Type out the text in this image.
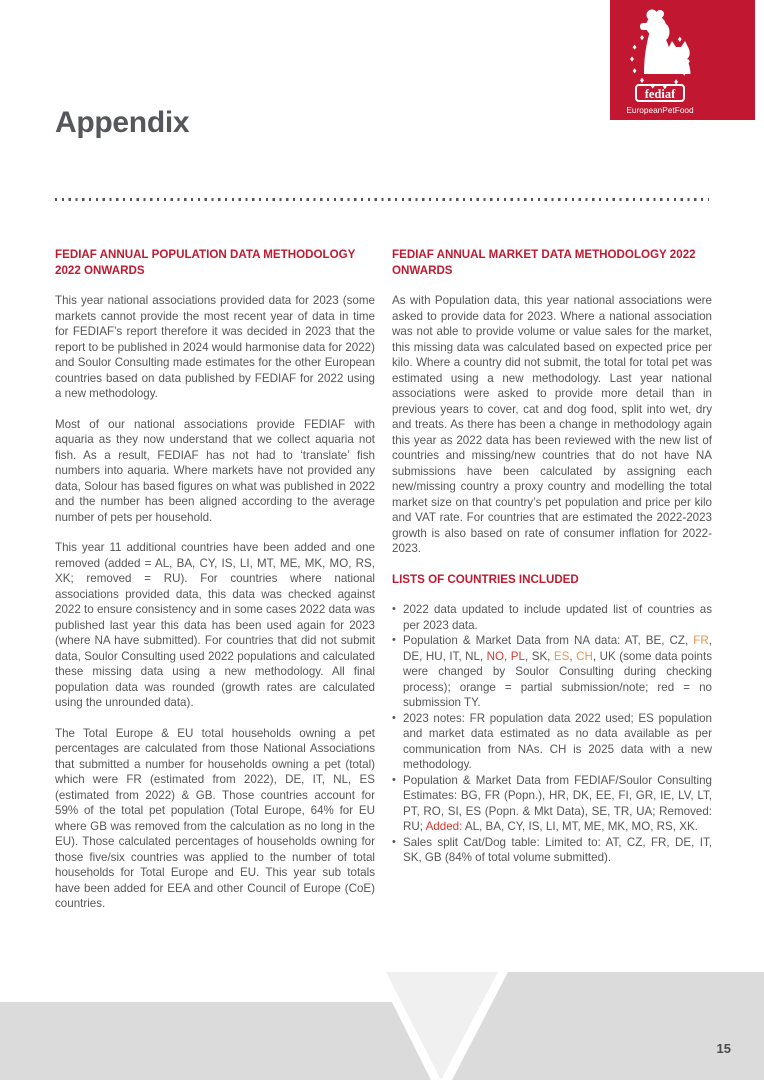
fediaf
EuropeanPetFood
Appendix

FEDIAF ANNUAL POPULATION DATA METHODOLOGY 2022 ONWARDS

This year national associations provided data for 2023 (some markets cannot provide the most recent year of data in time for FEDIAF’s report therefore it was decided in 2023 that the report to be published in 2024 would harmonise data for 2022) and Soulor Consulting made estimates for the other European countries based on data published by FEDIAF for 2022 using a new methodology.

Most of our national associations provide FEDIAF with aquaria as they now understand that we collect aquaria not fish. As a result, FEDIAF has not had to ‘translate’ fish numbers into aquaria. Where markets have not provided any data, Solour has based figures on what was published in 2022 and the number has been aligned according to the average number of pets per household.

This year 11 additional countries have been added and one removed (added = AL, BA, CY, IS, LI, MT, ME, MK, MO, RS, XK; removed = RU). For countries where national associations provided data, this data was checked against 2022 to ensure consistency and in some cases 2022 data was published last year this data has been used again for 2023 (where NA have submitted). For countries that did not submit data, Soulor Consulting used 2022 populations and calculated these missing data using a new methodology. All final population data was rounded (growth rates are calculated using the unrounded data).

The Total Europe & EU total households owning a pet percentages are calculated from those National Associations that submitted a number for households owning a pet (total) which were FR (estimated from 2022), DE, IT, NL, ES (estimated from 2022) & GB. Those countries account for 59% of the total pet population (Total Europe, 64% for EU where GB was removed from the calculation as no long in the EU). Those calculated percentages of households owning for those five/six countries was applied to the number of total households for Total Europe and EU. This year sub totals have been added for EEA and other Council of Europe (CoE) countries.

FEDIAF ANNUAL MARKET DATA METHODOLOGY 2022 ONWARDS

As with Population data, this year national associations were asked to provide data for 2023. Where a national association was not able to provide volume or value sales for the market, this missing data was calculated based on expected price per kilo. Where a country did not submit, the total for total pet was estimated using a new methodology. Last year national associations were asked to provide more detail than in previous years to cover, cat and dog food, split into wet, dry and treats. As there has been a change in methodology again this year as 2022 data has been reviewed with the new list of countries and missing/new countries that do not have NA submissions have been calculated by assigning each new/missing country a proxy country and modelling the total market size on that country’s pet population and price per kilo and VAT rate. For countries that are estimated the 2022-2023 growth is also based on rate of consumer inflation for 2022-2023.

LISTS OF COUNTRIES INCLUDED

• 2022 data updated to include updated list of countries as per 2023 data.
• Population & Market Data from NA data: AT, BE, CZ, FR, DE, HU, IT, NL, NO, PL, SK, ES, CH, UK (some data points were changed by Soulor Consulting during checking process); orange = partial submission/note; red = no submission TY.
• 2023 notes: FR population data 2022 used; ES population and market data estimated as no data available as per communication from NAs. CH is 2025 data with a new methodology.
• Population & Market Data from FEDIAF/Soulor Consulting Estimates: BG, FR (Popn.), HR, DK, EE, FI, GR, IE, LV, LT, PT, RO, SI, ES (Popn. & Mkt Data), SE, TR, UA; Removed: RU; Added: AL, BA, CY, IS, LI, MT, ME, MK, MO, RS, XK.
• Sales split Cat/Dog table: Limited to: AT, CZ, FR, DE, IT, SK, GB (84% of total volume submitted).
15
